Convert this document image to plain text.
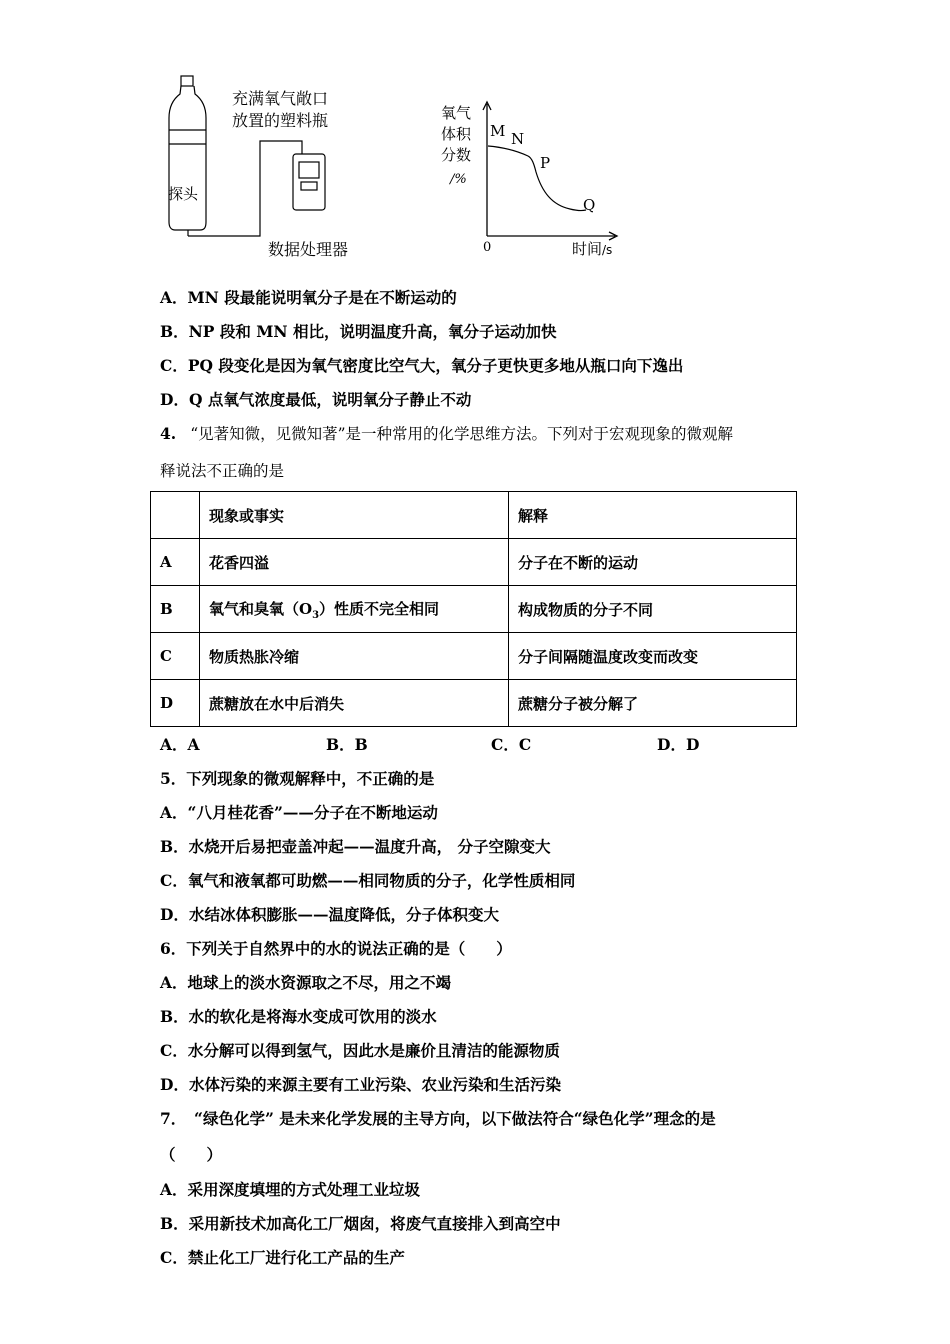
充满氧气敞口
放置的塑料瓶
探头
数据处理器
氧气
体积
分数
/%
0	时间/s
M N
P
Q
A．MN 段最能说明氧分子是在不断运动的
B．NP 段和 MN 相比，说明温度升高，氧分子运动加快
C．PQ 段变化是因为氧气密度比空气大，氧分子更快更多地从瓶口向下逸出
D．Q 点氧气浓度最低，说明氧分子静止不动
4. “见著知微，见微知著”是一种常用的化学思维方法。下列对于宏观现象的微观解
释说法不正确的是
	现象或事实	解释
A	花香四溢	分子在不断的运动
B	氧气和臭氧$(O_3)$性质不完全相同	构成物质的分子不同
C	物质热胀冷缩	分子间隔随温度改变而改变
D	蔗糖放在水中后消失	蔗糖分子被分解了
A．A	B．B	C．C	D．D
5．下列现象的微观解释中，不正确的是
A．“八月桂花香”——分子在不断地运动
B．水烧开后易把壶盖冲起——温度升高， 分子空隙变大
C．氧气和液氧都可助燃——相同物质的分子，化学性质相同
D．水结冰体积膨胀——温度降低，分子体积变大
6．下列关于自然界中的水的说法正确的是（　　）
A．地球上的淡水资源取之不尽，用之不竭
B．水的软化是将海水变成可饮用的淡水
C．水分解可以得到氢气，因此水是廉价且清洁的能源物质
D．水体污染的来源主要有工业污染、农业污染和生活污染
7．　“绿色化学” 是未来化学发展的主导方向，以下做法符合“绿色化学”理念的是
（　　）
A．采用深度填埋的方式处理工业垃圾
B．采用新技术加高化工厂烟囱，将废气直接排入到高空中
C．禁止化工厂进行化工产品的生产
